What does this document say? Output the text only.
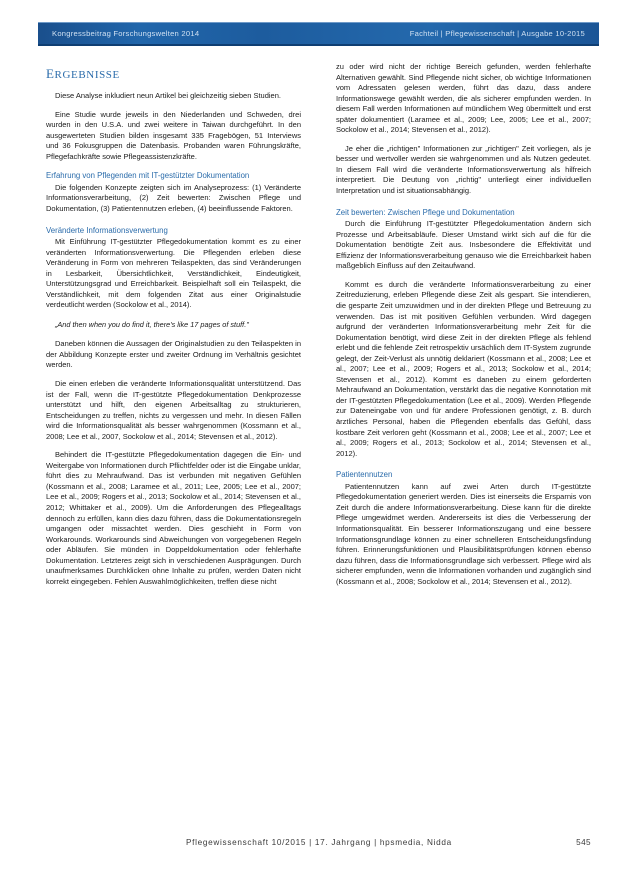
Kongressbeitrag Forschungswelten 2014	Fachteil | Pflegewissenschaft | Ausgabe 10-2015
ergebnisse

Diese Analyse inkludiert neun Artikel bei gleichzeitig sieben Studien.

Eine Studie wurde jeweils in den Niederlanden und Schweden, drei wurden in den U.S.A. und zwei weitere in Taiwan durchgeführt. In den ausgewerteten Studien bilden insgesamt 335 Fragebögen, 51 Interviews und 36 Fokusgruppen die Datenbasis. Probanden waren Führungskräfte, Pflegefachkräfte sowie Pflegeassistenzkräfte.

Erfahrung von Pflegenden mit IT-gestützter Dokumentation

Die folgenden Konzepte zeigten sich im Analyseprozess: (1) Veränderte Informationsverarbeitung, (2) Zeit bewerten: Zwischen Pflege und Dokumentation, (3) Patientennutzen erleben, (4) beeinflussende Faktoren.

Veränderte Informationsverwertung

Mit Einführung IT-gestützter Pflegedokumentation kommt es zu einer veränderten Informationsverwertung. Die Pflegenden erleben diese Veränderung in Form von mehreren Teilaspekten, das sind Veränderungen in Lesbarkeit, Übersichtlichkeit, Verständlichkeit, Eindeutigkeit, Unterstützungsgrad und Erreichbarkeit. Beispielhaft soll ein Teilaspekt, die Verständlichkeit, mit dem folgenden Zitat aus einer Originalstudie verdeutlicht werden (Sockolow et al., 2014).

„And then when you do find it, there's like 17 pages of stuff."

Daneben können die Aussagen der Originalstudien zu den Teilaspekten in der Abbildung Konzepte erster und zweiter Ordnung im Verhältnis gesichtet werden.

Die einen erleben die veränderte Informationsqualität unterstützend. Das ist der Fall, wenn die IT-gestützte Pflegedokumentation Denkprozesse unterstützt und hilft, den eigenen Arbeitsalltag zu strukturieren, Entscheidungen zu treffen, nichts zu vergessen und mehr. In diesen Fällen wird die Informationsqualität als besser wahrgenommen (Kossmann et al., 2008; Lee et al., 2007, Sockolow et al., 2014; Stevensen et al., 2012).

Behindert die IT-gestützte Pflegedokumentation dagegen die Ein- und Weitergabe von Informationen durch Pflichtfelder oder ist die Eingabe unklar, führt dies zu Mehraufwand. Das ist verbunden mit negativen Gefühlen (Kossmann et al., 2008; Laramee et al., 2011; Lee, 2005; Lee et al., 2007; Lee et al., 2009; Rogers et al., 2013; Sockolow et al., 2014; Stevensen et al., 2012; Whittaker et al., 2009). Um die Anforderungen des Pflegealltags dennoch zu erfüllen, kann dies dazu führen, dass die Dokumentationsregeln umgangen oder missachtet werden. Dies geschieht in Form von Workarounds. Workarounds sind Abweichungen von vorgegebenen Regeln oder Abläufen. Sie münden in Doppeldokumentation oder fehlerhafte Dokumentation. Letzteres zeigt sich in verschiedenen Ausprägungen. Durch unaufmerksames Durchklicken ohne Inhalte zu prüfen, werden Daten nicht korrekt eingegeben. Fehlen Auswahlmöglichkeiten, treffen diese nicht

zu oder wird nicht der richtige Bereich gefunden, werden fehlerhafte Alternativen gewählt. Sind Pflegende nicht sicher, ob wichtige Informationen vom Adressaten gelesen werden, führt das dazu, dass andere Informationswege gewählt werden, die als sicherer empfunden werden. In diesem Fall werden Informationen auf mündlichem Weg übermittelt und erst später dokumentiert (Laramee et al., 2009; Lee, 2005; Lee et al., 2007; Sockolow et al., 2014; Stevensen et al., 2012).

Je eher die „richtigen" Informationen zur „richtigen" Zeit vorliegen, als je besser und wertvoller werden sie wahrgenommen und als Nutzen gedeutet. In diesem Fall wird die veränderte Informationsverwertung als hilfreich interpretiert. Die Deutung von „richtig" unterliegt einer individuellen Interpretation und ist situationsabhängig.

Zeit bewerten: Zwischen Pflege und Dokumentation

Durch die Einführung IT-gestützter Pflegedokumentation ändern sich Prozesse und Arbeitsabläufe. Dieser Umstand wirkt sich auf die für die Dokumentation benötigte Zeit aus. Insbesondere die Effektivität und Effizienz der Informationsverarbeitung genauso wie die Erreichbarkeit haben maßgeblich Einfluss auf den Zeitaufwand.

Kommt es durch die veränderte Informationsverarbeitung zu einer Zeitreduzierung, erleben Pflegende diese Zeit als gespart. Sie intendieren, die gesparte Zeit umzuwidmen und in der direkten Pflege und Betreuung zu verwenden. Das ist mit positiven Gefühlen verbunden. Wird dagegen aufgrund der veränderten Informationsverarbeitung mehr Zeit für die Dokumentation benötigt, wird diese Zeit in der direkten Pflege als fehlend erlebt und die fehlende Zeit retrospektiv ursächlich dem IT-System zugrunde gelegt, der Zeit-Verlust als unnötig deklariert (Kossmann et al., 2008; Lee et al., 2007; Lee et al., 2009; Rogers et al., 2013; Sockolow et al., 2014; Stevensen et al., 2012). Kommt es daneben zu einem geforderten Mehraufwand an Dokumentation, verstärkt das die negative Konnotation mit der IT-gestützten Pflegedokumentation (Lee et al., 2009). Werden Pflegende zur Dateneingabe von und für andere Professionen genötigt, z. B. durch ärztliches Personal, haben die Pflegenden ebenfalls das Gefühl, dass kostbare Zeit verloren geht (Kossmann et al., 2008; Lee et al., 2007; Lee et al., 2009; Rogers et al., 2013; Sockolow et al., 2014; Stevensen et al., 2012).

Patientennutzen

Patientennutzen kann auf zwei Arten durch IT-gestützte Pflegedokumentation generiert werden. Dies ist einerseits die Ersparnis von Zeit durch die andere Informationsverarbeitung. Diese kann für die direkte Pflege umgewidmet werden. Andererseits ist dies die Verbesserung der Informationsqualität. Ein besserer Informationszugang und eine bessere Informationsgrundlage können zu einer schnelleren Entscheidungsfindung führen. Erinnerungsfunktionen und Plausibilitätsprüfungen können ebenso dazu führen, dass die Informationsgrundlage sich verbessert. Pflege wird als sicherer empfunden, wenn die Informationen vorhanden und zugänglich sind (Kossmann et al., 2008; Sockolow et al., 2014; Stevensen et al., 2012).

Pflegewissenschaft 10/2015 | 17. Jahrgang | hpsmedia, Nidda	545
